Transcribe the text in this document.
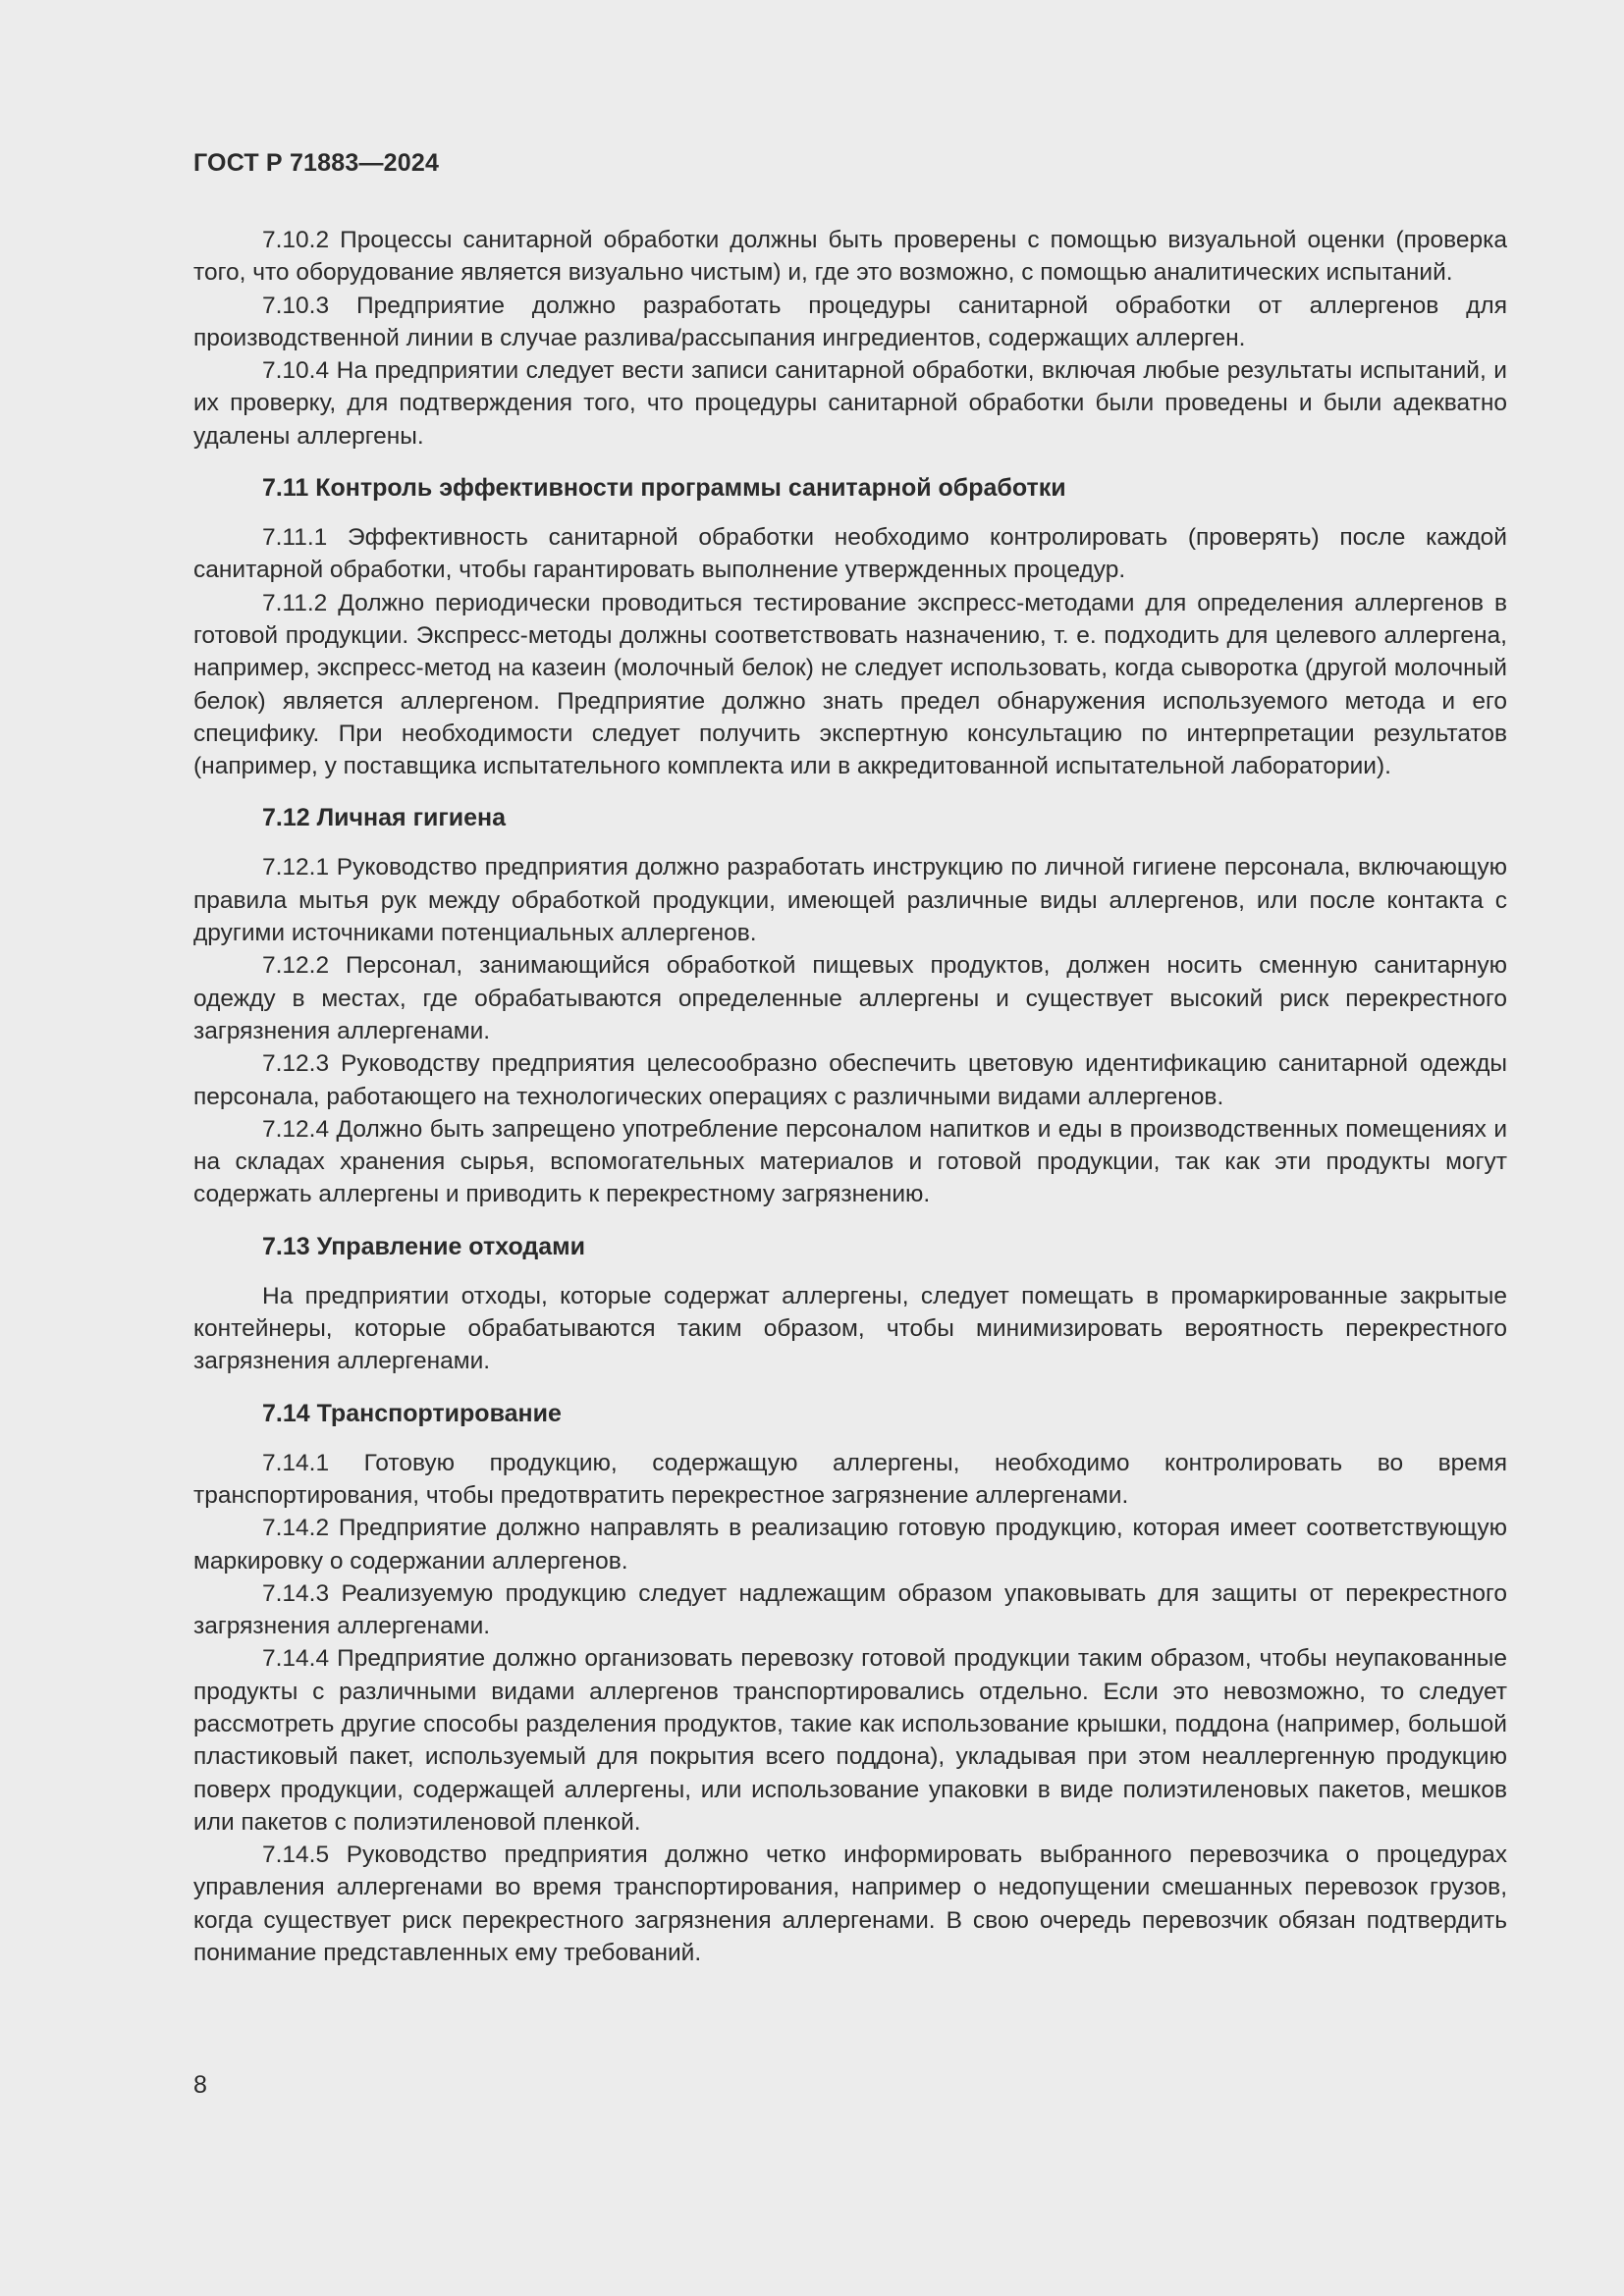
ГОСТ Р 71883—2024

7.10.2 Процессы санитарной обработки должны быть проверены с помощью визуальной оценки (проверка того, что оборудование является визуально чистым) и, где это возможно, с помощью аналитических испытаний.

7.10.3 Предприятие должно разработать процедуры санитарной обработки от аллергенов для производственной линии в случае разлива/рассыпания ингредиентов, содержащих аллерген.

7.10.4 На предприятии следует вести записи санитарной обработки, включая любые результаты испытаний, и их проверку, для подтверждения того, что процедуры санитарной обработки были проведены и были адекватно удалены аллергены.

7.11 Контроль эффективности программы санитарной обработки

7.11.1 Эффективность санитарной обработки необходимо контролировать (проверять) после каждой санитарной обработки, чтобы гарантировать выполнение утвержденных процедур.

7.11.2 Должно периодически проводиться тестирование экспресс-методами для определения аллергенов в готовой продукции. Экспресс-методы должны соответствовать назначению, т. е. подходить для целевого аллергена, например, экспресс-метод на казеин (молочный белок) не следует использовать, когда сыворотка (другой молочный белок) является аллергеном. Предприятие должно знать предел обнаружения используемого метода и его специфику. При необходимости следует получить экспертную консультацию по интерпретации результатов (например, у поставщика испытательного комплекта или в аккредитованной испытательной лаборатории).

7.12 Личная гигиена

7.12.1 Руководство предприятия должно разработать инструкцию по личной гигиене персонала, включающую правила мытья рук между обработкой продукции, имеющей различные виды аллергенов, или после контакта с другими источниками потенциальных аллергенов.

7.12.2 Персонал, занимающийся обработкой пищевых продуктов, должен носить сменную санитарную одежду в местах, где обрабатываются определенные аллергены и существует высокий риск перекрестного загрязнения аллергенами.

7.12.3 Руководству предприятия целесообразно обеспечить цветовую идентификацию санитарной одежды персонала, работающего на технологических операциях с различными видами аллергенов.

7.12.4 Должно быть запрещено употребление персоналом напитков и еды в производственных помещениях и на складах хранения сырья, вспомогательных материалов и готовой продукции, так как эти продукты могут содержать аллергены и приводить к перекрестному загрязнению.

7.13 Управление отходами

На предприятии отходы, которые содержат аллергены, следует помещать в промаркированные закрытые контейнеры, которые обрабатываются таким образом, чтобы минимизировать вероятность перекрестного загрязнения аллергенами.

7.14 Транспортирование

7.14.1 Готовую продукцию, содержащую аллергены, необходимо контролировать во время транспортирования, чтобы предотвратить перекрестное загрязнение аллергенами.

7.14.2 Предприятие должно направлять в реализацию готовую продукцию, которая имеет соответствующую маркировку о содержании аллергенов.

7.14.3 Реализуемую продукцию следует надлежащим образом упаковывать для защиты от перекрестного загрязнения аллергенами.

7.14.4 Предприятие должно организовать перевозку готовой продукции таким образом, чтобы неупакованные продукты с различными видами аллергенов транспортировались отдельно. Если это невозможно, то следует рассмотреть другие способы разделения продуктов, такие как использование крышки, поддона (например, большой пластиковый пакет, используемый для покрытия всего поддона), укладывая при этом неаллергенную продукцию поверх продукции, содержащей аллергены, или использование упаковки в виде полиэтиленовых пакетов, мешков или пакетов с полиэтиленовой пленкой.

7.14.5 Руководство предприятия должно четко информировать выбранного перевозчика о процедурах управления аллергенами во время транспортирования, например о недопущении смешанных перевозок грузов, когда существует риск перекрестного загрязнения аллергенами. В свою очередь перевозчик обязан подтвердить понимание представленных ему требований.

8
